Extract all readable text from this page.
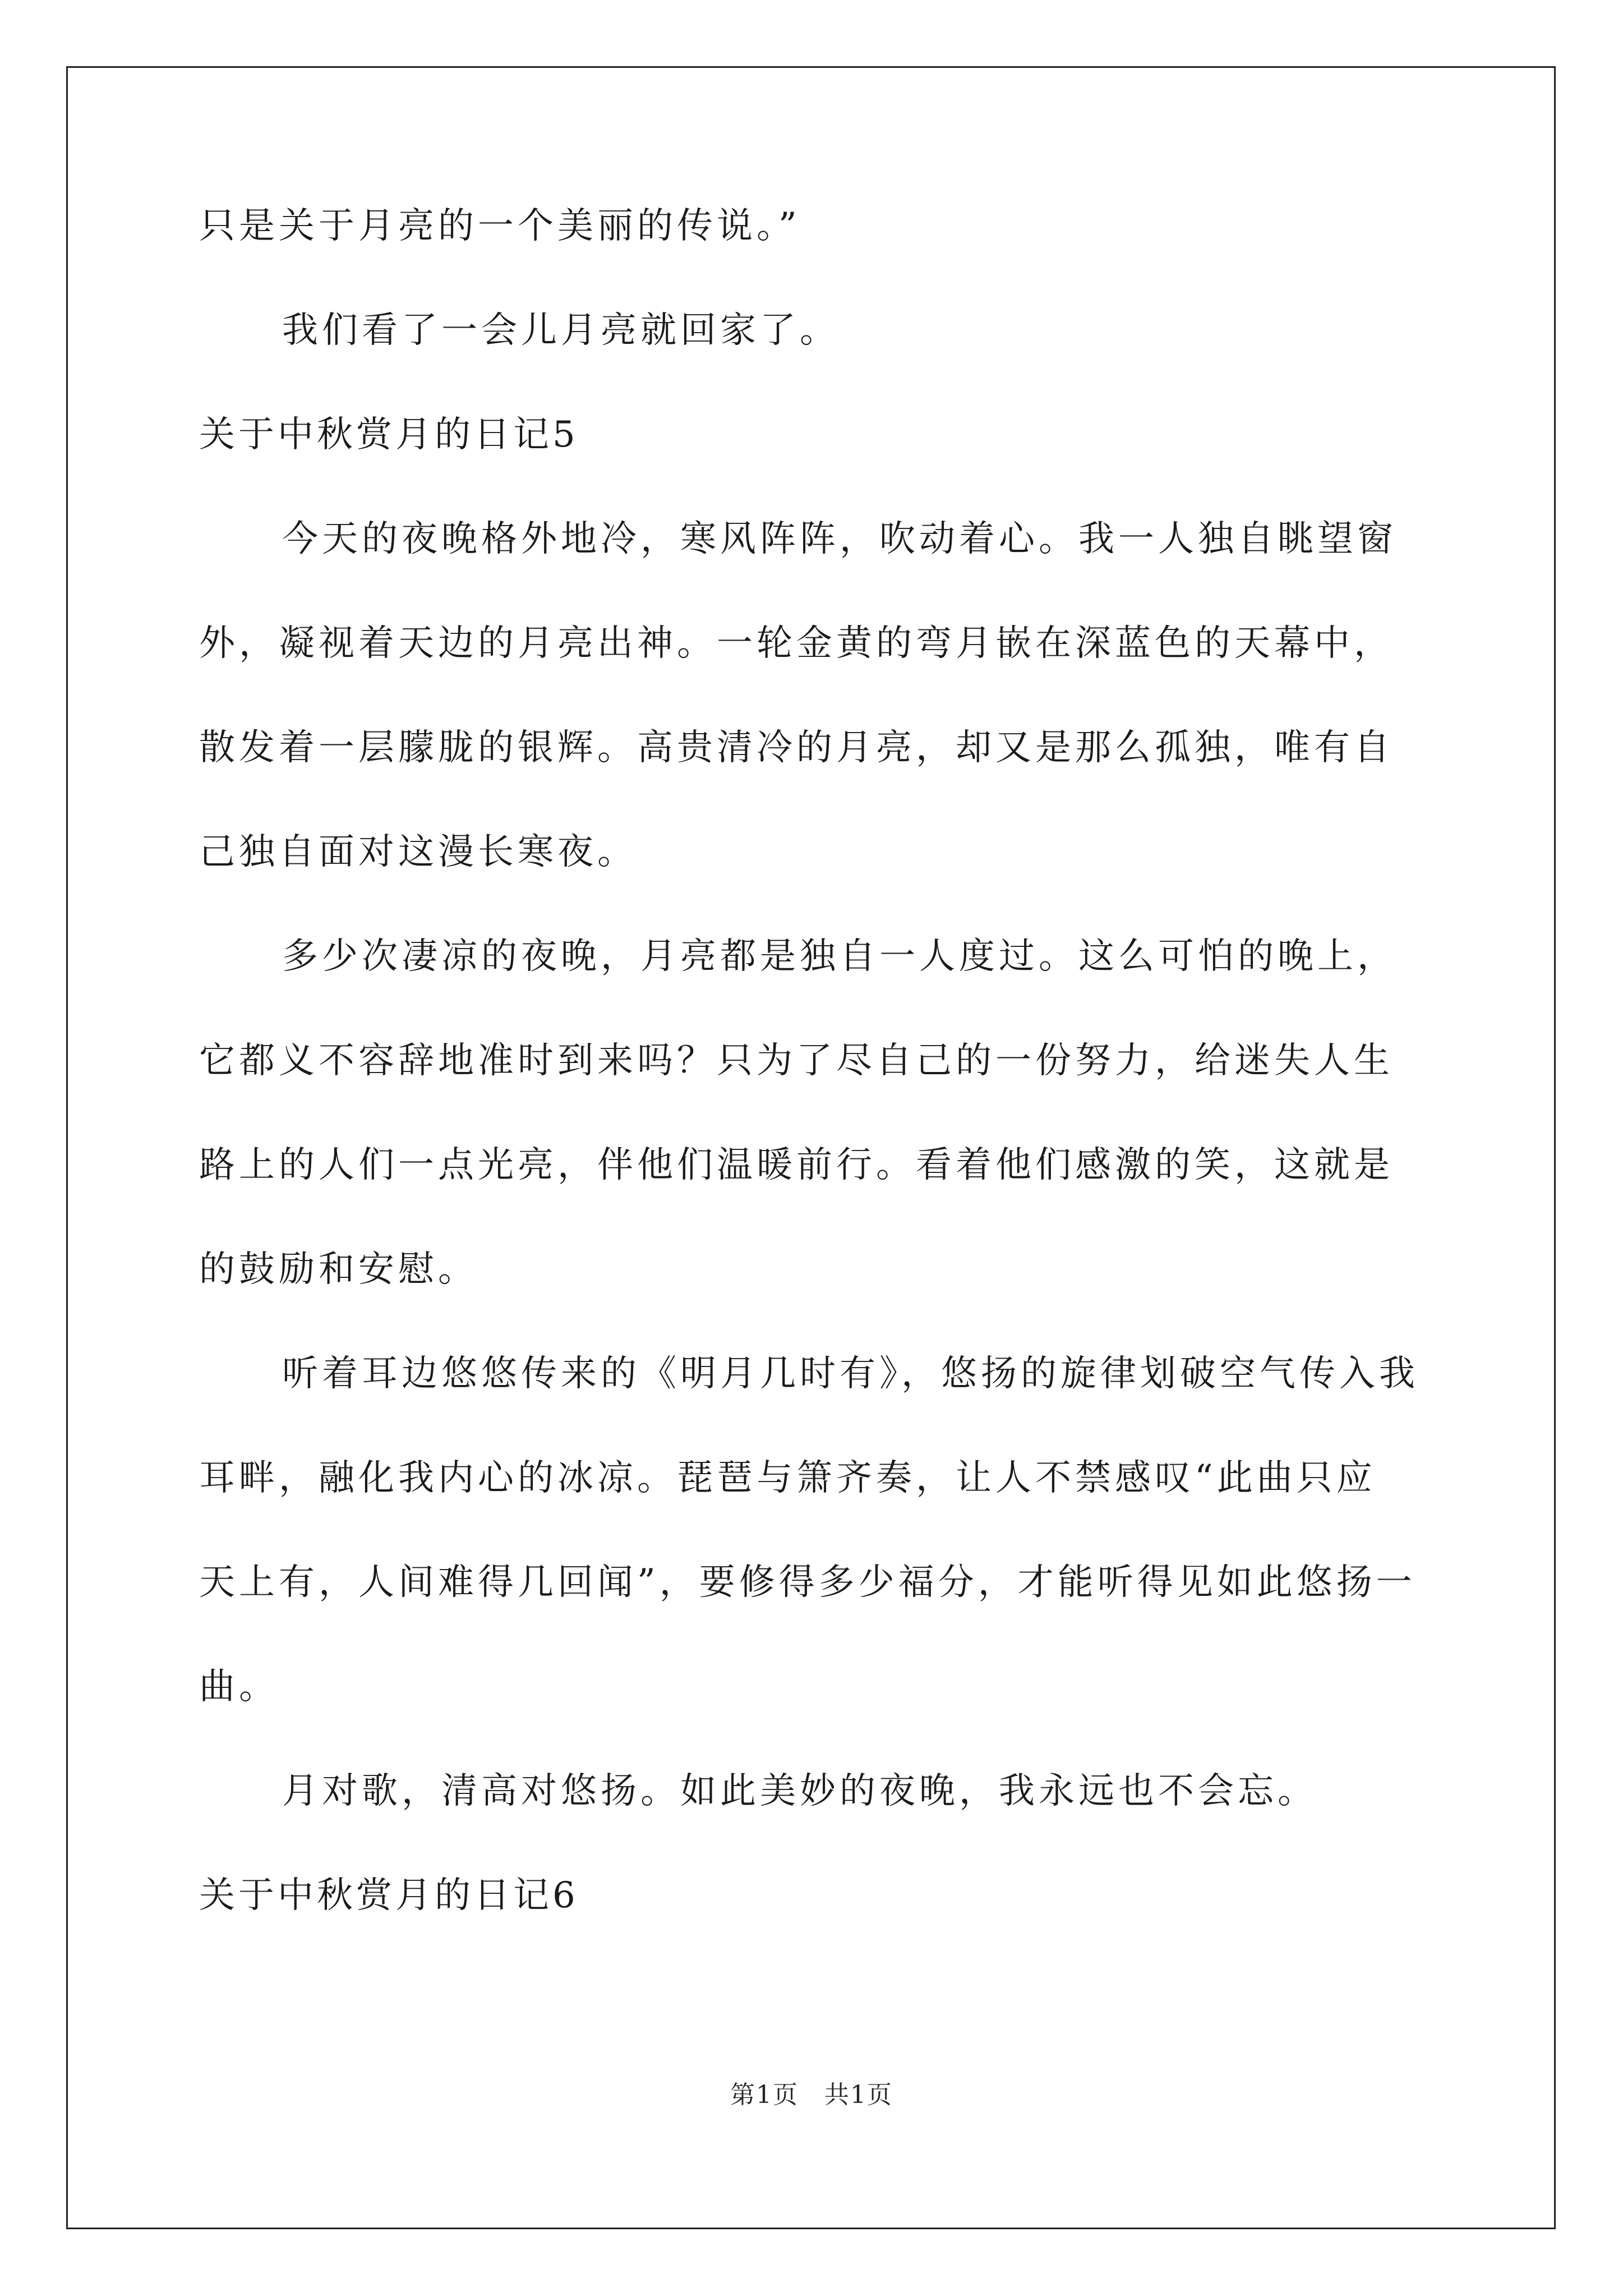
只是关于月亮的一个美丽的传说。”
我们看了一会儿月亮就回家了。
关于中秋赏月的日记5
今天的夜晚格外地冷，寒风阵阵，吹动着心。我一人独自眺望窗
外，凝视着天边的月亮出神。一轮金黄的弯月嵌在深蓝色的天幕中，
散发着一层朦胧的银辉。高贵清冷的月亮，却又是那么孤独，唯有自
己独自面对这漫长寒夜。
多少次凄凉的夜晚，月亮都是独自一人度过。这么可怕的晚上，
它都义不容辞地准时到来吗？只为了尽自己的一份努力，给迷失人生
路上的人们一点光亮，伴他们温暖前行。看着他们感激的笑，这就是
的鼓励和安慰。
听着耳边悠悠传来的《明月几时有》，悠扬的旋律划破空气传入我
耳畔，融化我内心的冰凉。琵琶与箫齐奏，让人不禁感叹“此曲只应
天上有，人间难得几回闻”，要修得多少福分，才能听得见如此悠扬一
曲。
月对歌，清高对悠扬。如此美妙的夜晚，我永远也不会忘。
关于中秋赏月的日记6
第1页　共1页
